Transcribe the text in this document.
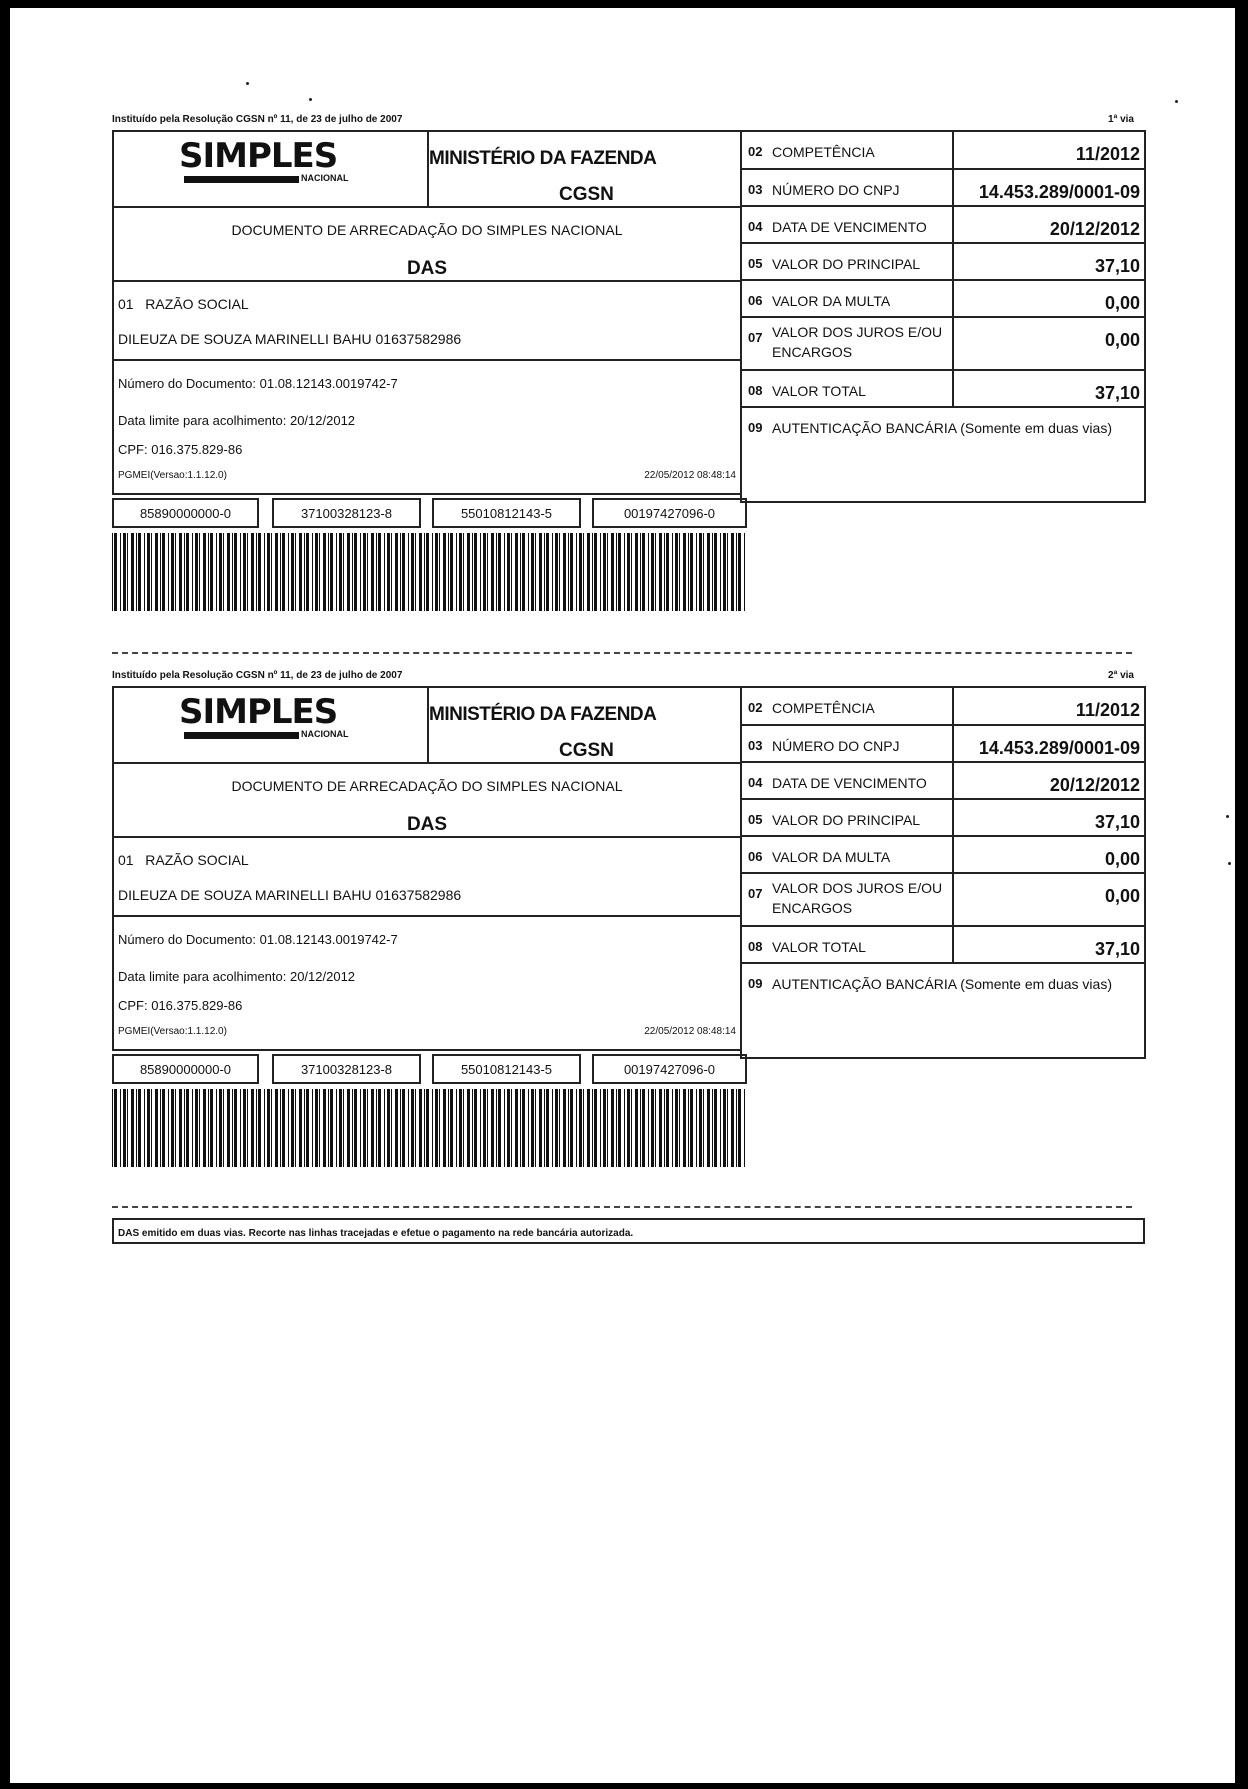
Instituído pela Resolução CGSN nº 11, de 23 de julho de 2007	1ª via
SIMPLES
NACIONAL
MINISTÉRIO DA FAZENDA
CGSN
DOCUMENTO DE ARRECADAÇÃO DO SIMPLES NACIONAL
DAS
01 RAZÃO SOCIAL
DILEUZA DE SOUZA MARINELLI BAHU 01637582986
Número do Documento: 01.08.12143.0019742-7
Data limite para acolhimento: 20/12/2012
CPF: 016.375.829-86
PGMEI(Versao:1.1.12.0)	22/05/2012 08:48:14
02 COMPETÊNCIA	11/2012
03 NÚMERO DO CNPJ	14.453.289/0001-09
04 DATA DE VENCIMENTO	20/12/2012
05 VALOR DO PRINCIPAL	37,10
06 VALOR DA MULTA	0,00
07 VALOR DOS JUROS E/OU ENCARGOS
0,00
08 VALOR TOTAL	37,10
09 AUTENTICAÇÃO BANCÁRIA (Somente em duas vias)
85890000000-0	37100328123-8	55010812143-5	00197427096-0
Instituído pela Resolução CGSN nº 11, de 23 de julho de 2007	2ª via
SIMPLES
NACIONAL
MINISTÉRIO DA FAZENDA
CGSN
DOCUMENTO DE ARRECADAÇÃO DO SIMPLES NACIONAL
DAS
01 RAZÃO SOCIAL
DILEUZA DE SOUZA MARINELLI BAHU 01637582986
Número do Documento: 01.08.12143.0019742-7
Data limite para acolhimento: 20/12/2012
CPF: 016.375.829-86
PGMEI(Versao:1.1.12.0)	22/05/2012 08:48:14
02 COMPETÊNCIA	11/2012
03 NÚMERO DO CNPJ	14.453.289/0001-09
04 DATA DE VENCIMENTO	20/12/2012
05 VALOR DO PRINCIPAL	37,10
06 VALOR DA MULTA	0,00
07 VALOR DOS JUROS E/OU ENCARGOS
0,00
08 VALOR TOTAL	37,10
09 AUTENTICAÇÃO BANCÁRIA (Somente em duas vias)
85890000000-0	37100328123-8	55010812143-5	00197427096-0
DAS emitido em duas vias. Recorte nas linhas tracejadas e efetue o pagamento na rede bancária autorizada.
